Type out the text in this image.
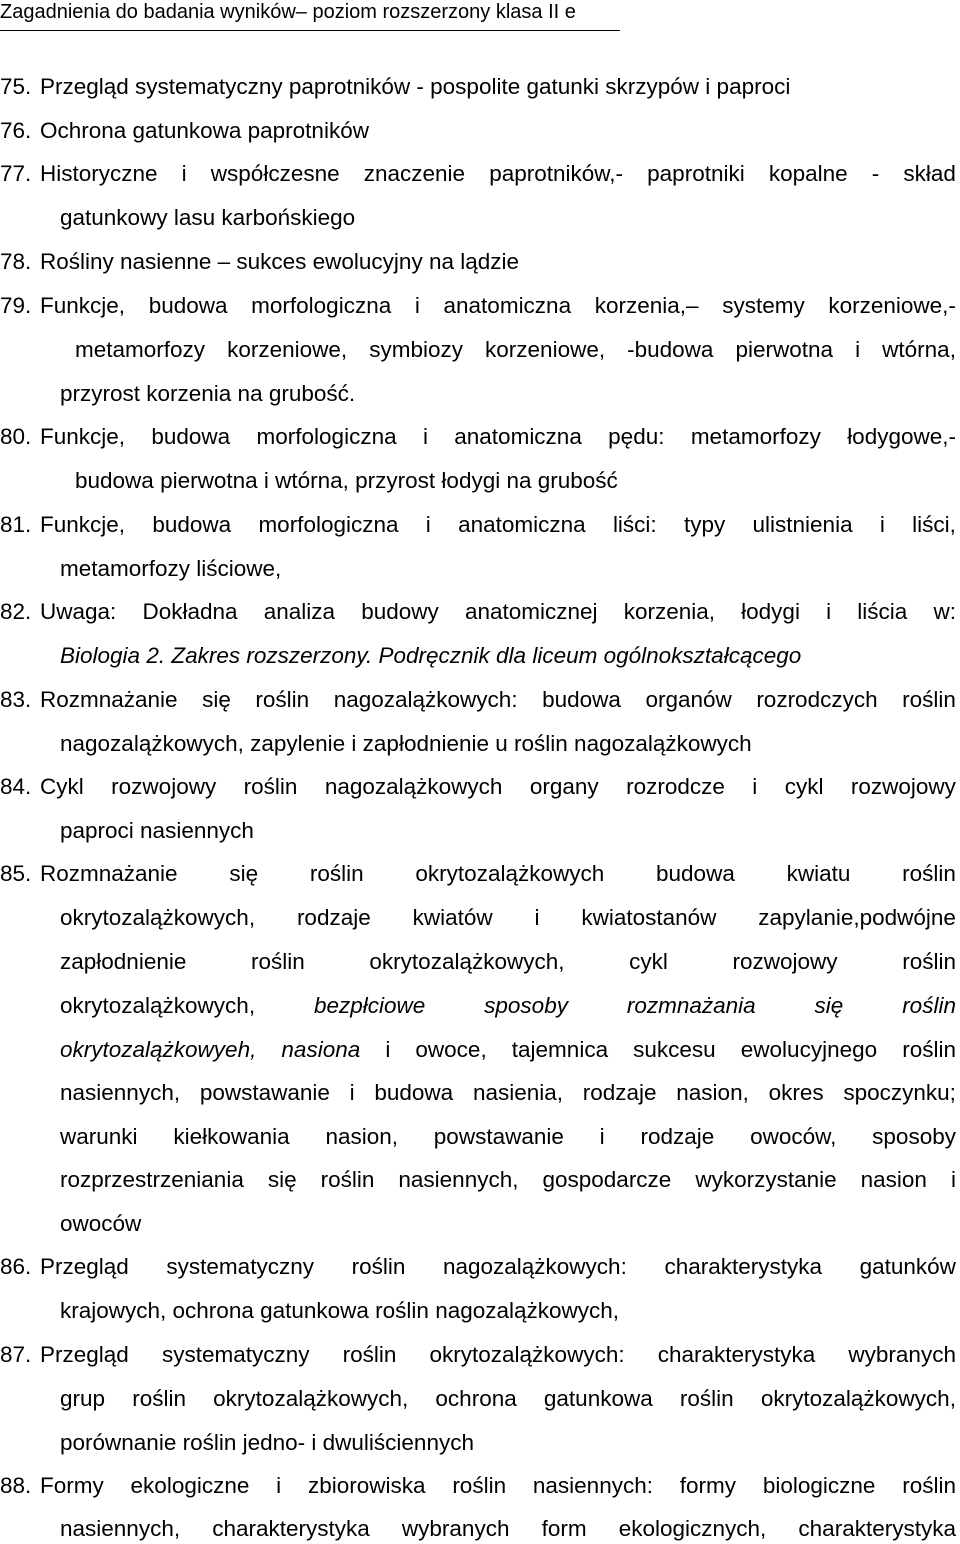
Zagadnienia do badania wyników– poziom rozszerzony klasa II e
75. Przegląd systematyczny paprotników - pospolite gatunki skrzypów i paproci
76. Ochrona gatunkowa paprotników
77. Historyczne i współczesne znaczenie paprotników,- paprotniki kopalne - skład
gatunkowy lasu karbońskiego
78. Rośliny nasienne – sukces ewolucyjny na lądzie
79. Funkcje, budowa morfologiczna i anatomiczna korzenia,– systemy korzeniowe,-
metamorfozy korzeniowe, symbiozy korzeniowe, -budowa pierwotna i wtórna,
przyrost korzenia na grubość.
80. Funkcje, budowa morfologiczna i anatomiczna pędu: metamorfozy łodygowe,-
budowa pierwotna i wtórna, przyrost łodygi na grubość
81. Funkcje, budowa morfologiczna i anatomiczna liści: typy ulistnienia i liści,
metamorfozy liściowe,
82. Uwaga: Dokładna analiza budowy anatomicznej korzenia, łodygi i liścia w:
Biologia 2. Zakres rozszerzony. Podręcznik dla liceum ogólnokształcącego
83. Rozmnażanie się roślin nagozalążkowych: budowa organów rozrodczych roślin
nagozalążkowych, zapylenie i zapłodnienie u roślin nagozalążkowych
84. Cykl rozwojowy roślin nagozalążkowych organy rozrodcze i cykl rozwojowy
paproci nasiennych
85. Rozmnażanie się roślin okrytozalążkowych budowa kwiatu roślin
okrytozalążkowych, rodzaje kwiatów i kwiatostanów zapylanie,podwójne
zapłodnienie	roślin	okrytozalążkowych,	cykl	rozwojowy	roślin
okrytozalążkowych,	bezpłciowe	sposoby	rozmnażania	się	roślin
okrytozalążkowyeh, nasiona i owoce, tajemnica sukcesu ewolucyjnego roślin
nasiennych, powstawanie i budowa nasienia, rodzaje nasion, okres spoczynku;
warunki kiełkowania nasion, powstawanie i rodzaje owoców, sposoby
rozprzestrzeniania się roślin nasiennych, gospodarcze wykorzystanie nasion i
owoców
86. Przegląd systematyczny roślin nagozalążkowych: charakterystyka gatunków
krajowych, ochrona gatunkowa roślin nagozalążkowych,
87. Przegląd systematyczny roślin okrytozalążkowych: charakterystyka wybranych
grup roślin okrytozalążkowych, ochrona gatunkowa roślin okrytozalążkowych,
porównanie roślin jedno- i dwuliściennych
88. Formy ekologiczne i zbiorowiska roślin nasiennych: formy biologiczne roślin
nasiennych, charakterystyka wybranych form ekologicznych, charakterystyka
